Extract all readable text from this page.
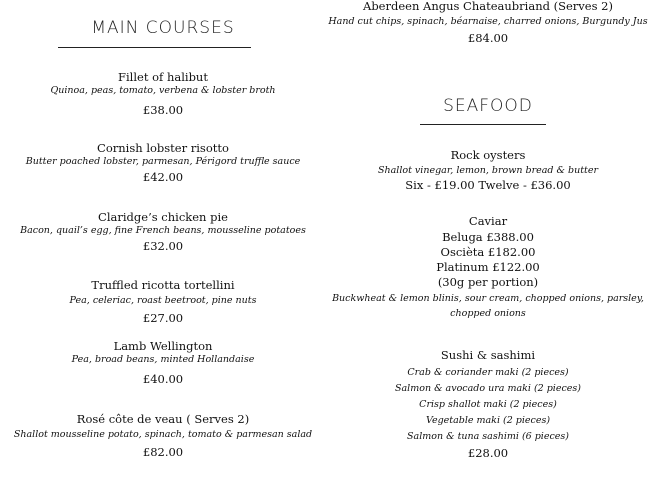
MAIN COURSES
Fillet of halibut
Quinoa, peas, tomato, verbena & lobster broth
£38.00
Cornish lobster risotto
Butter poached lobster, parmesan, Périgord truffle sauce
£42.00
Claridge’s chicken pie
Bacon, quail’s egg, fine French beans, mousseline potatoes
£32.00
Truffled ricotta tortellini
Pea, celeriac, roast beetroot, pine nuts
£27.00
Lamb Wellington
Pea, broad beans, minted Hollandaise
£40.00
Rosé côte de veau ( Serves 2)
Shallot mousseline potato, spinach, tomato & parmesan salad
£82.00
Aberdeen Angus Chateaubriand (Serves 2)
Hand cut chips, spinach, béarnaise, charred onions, Burgundy Jus
£84.00
SEAFOOD
Rock oysters
Shallot vinegar, lemon, brown bread & butter
Six - £19.00 Twelve - £36.00
Caviar
Beluga £388.00
Oscièta £182.00
Platinum £122.00
(30g per portion)
Buckwheat & lemon blinis, sour cream, chopped onions, parsley,
chopped onions
Sushi & sashimi
Crab & coriander maki (2 pieces)
Salmon & avocado ura maki (2 pieces)
Crisp shallot maki (2 pieces)
Vegetable maki (2 pieces)
Salmon & tuna sashimi (6 pieces)
£28.00
